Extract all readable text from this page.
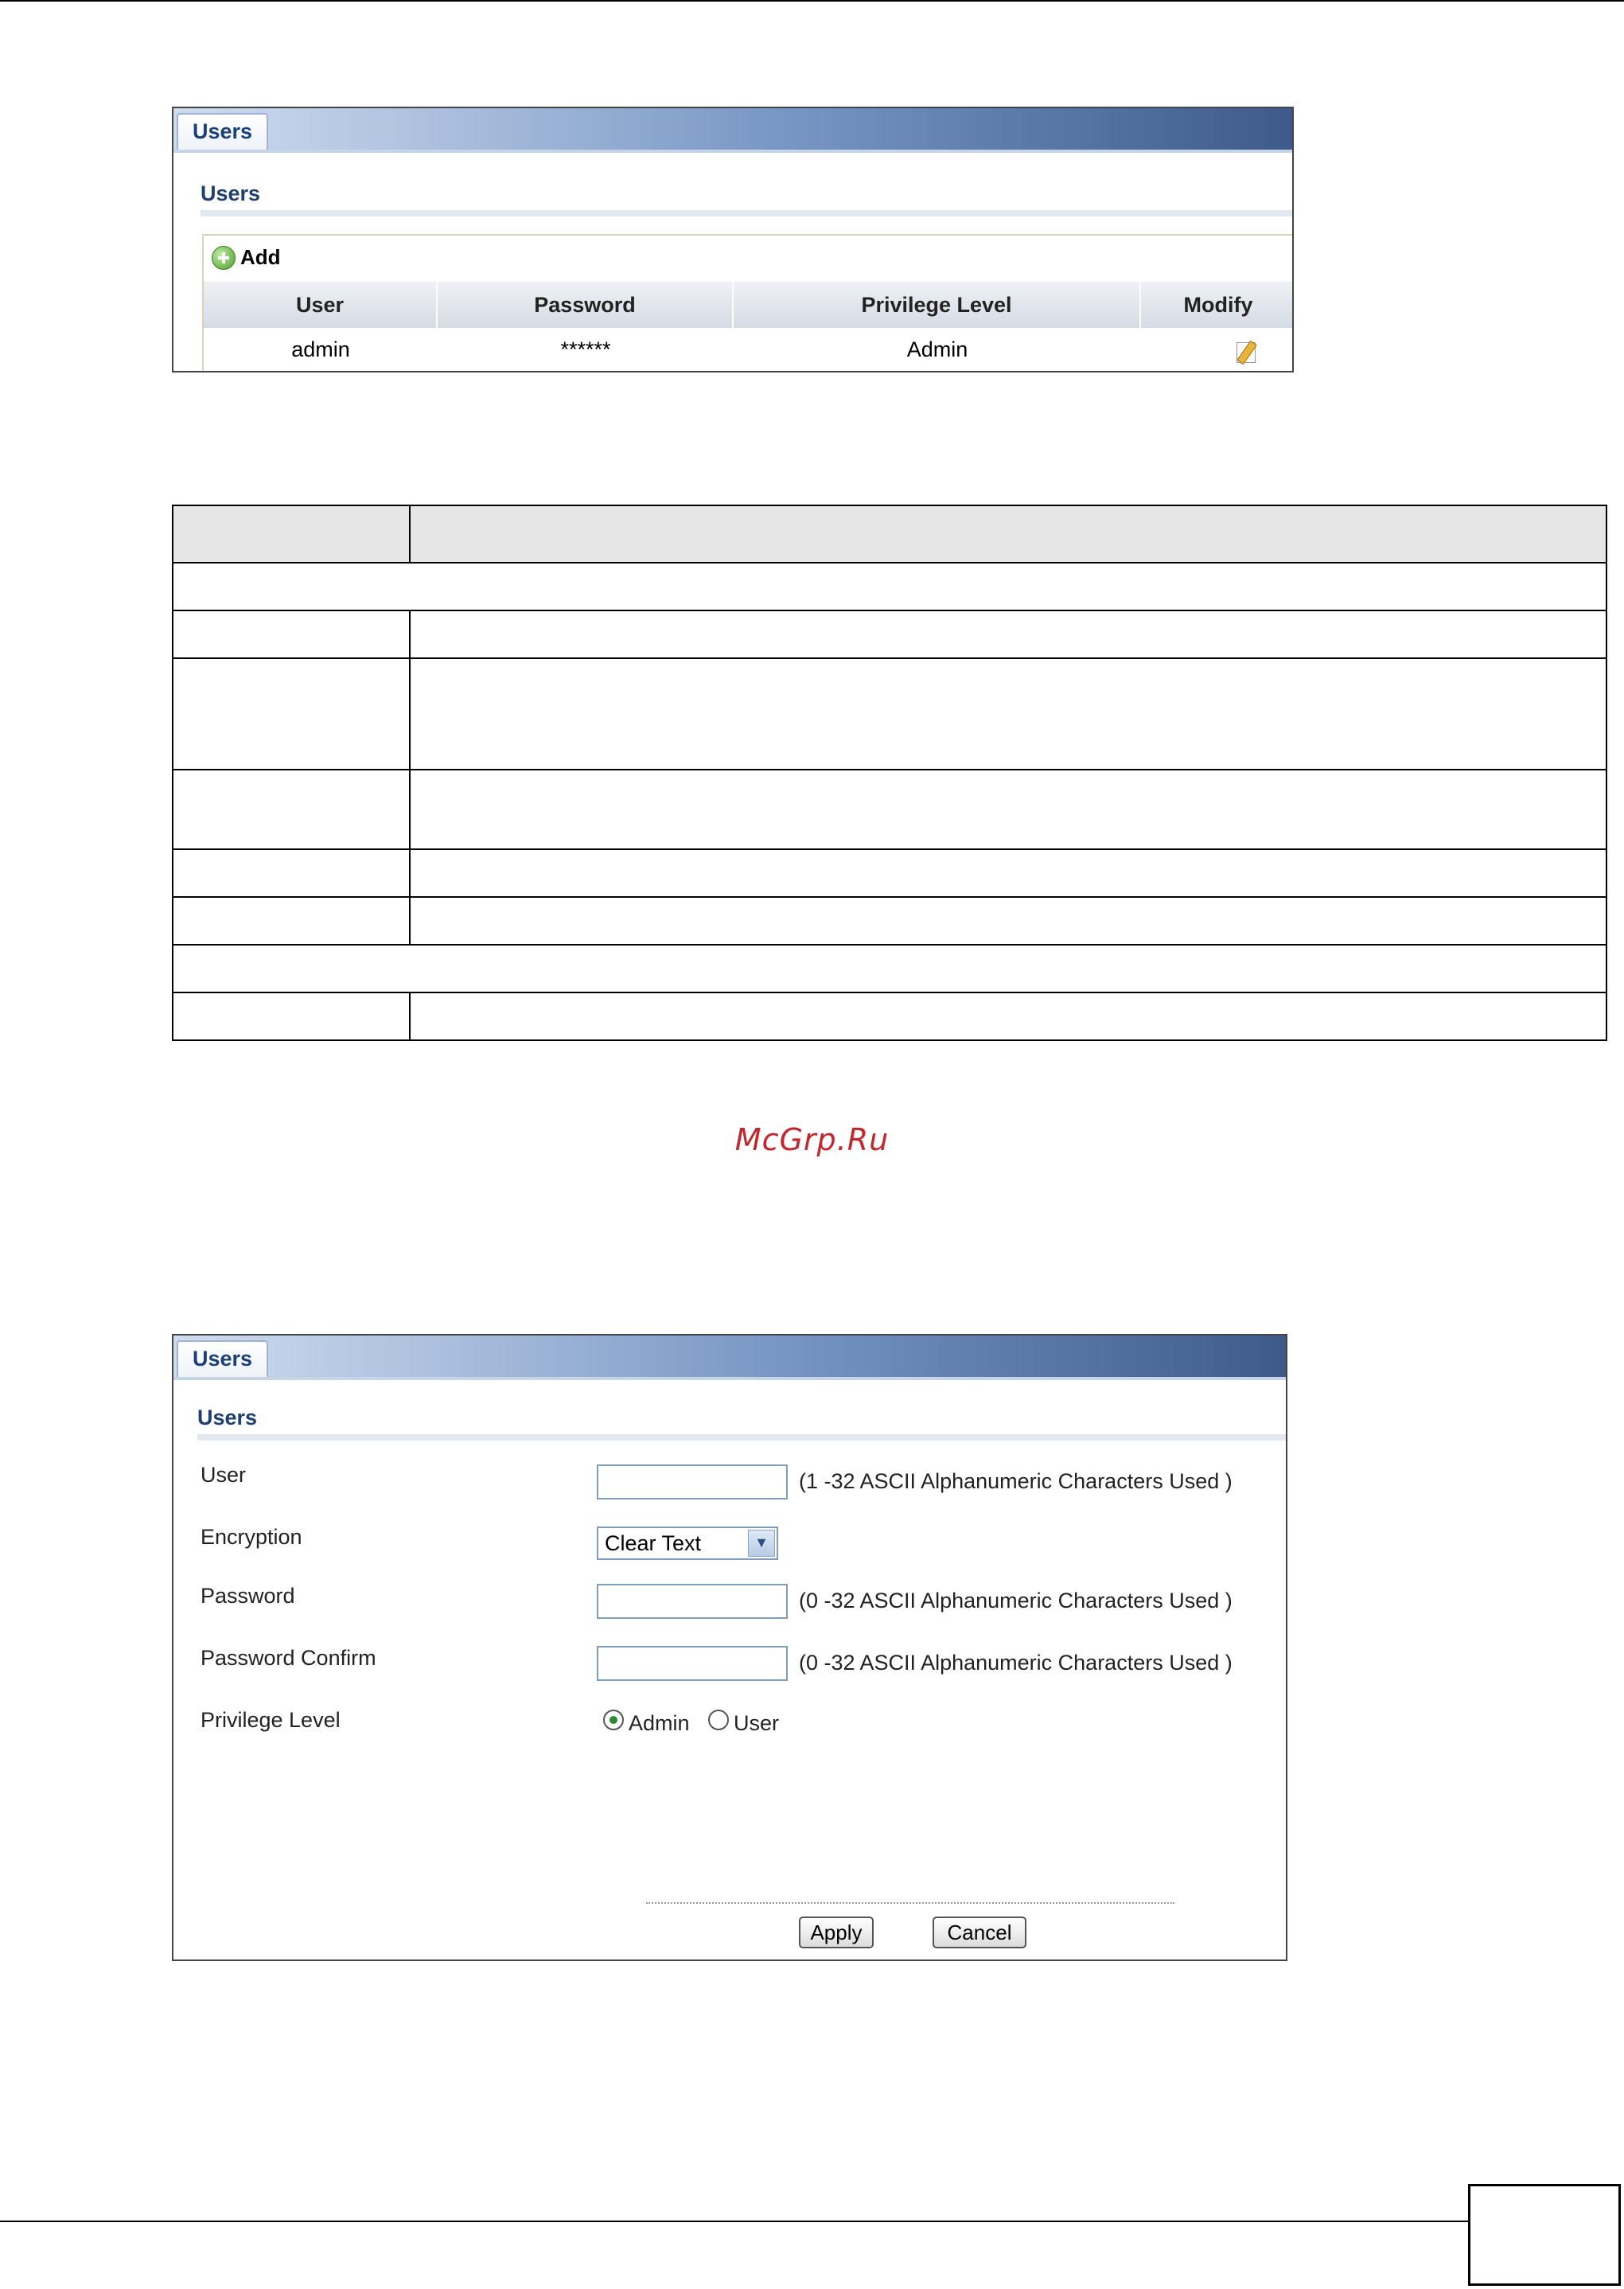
Users
Users
Add
User	Password	Privilege Level	Modify
admin	******	Admin

McGrp.Ru
Users
Users
User	(1 -32 ASCII Alphanumeric Characters Used )
Encryption	Clear Text	▼
Password	(0 -32 ASCII Alphanumeric Characters Used )
Password Confirm	(0 -32 ASCII Alphanumeric Characters Used )
Privilege Level	Admin User
Apply	Cancel
